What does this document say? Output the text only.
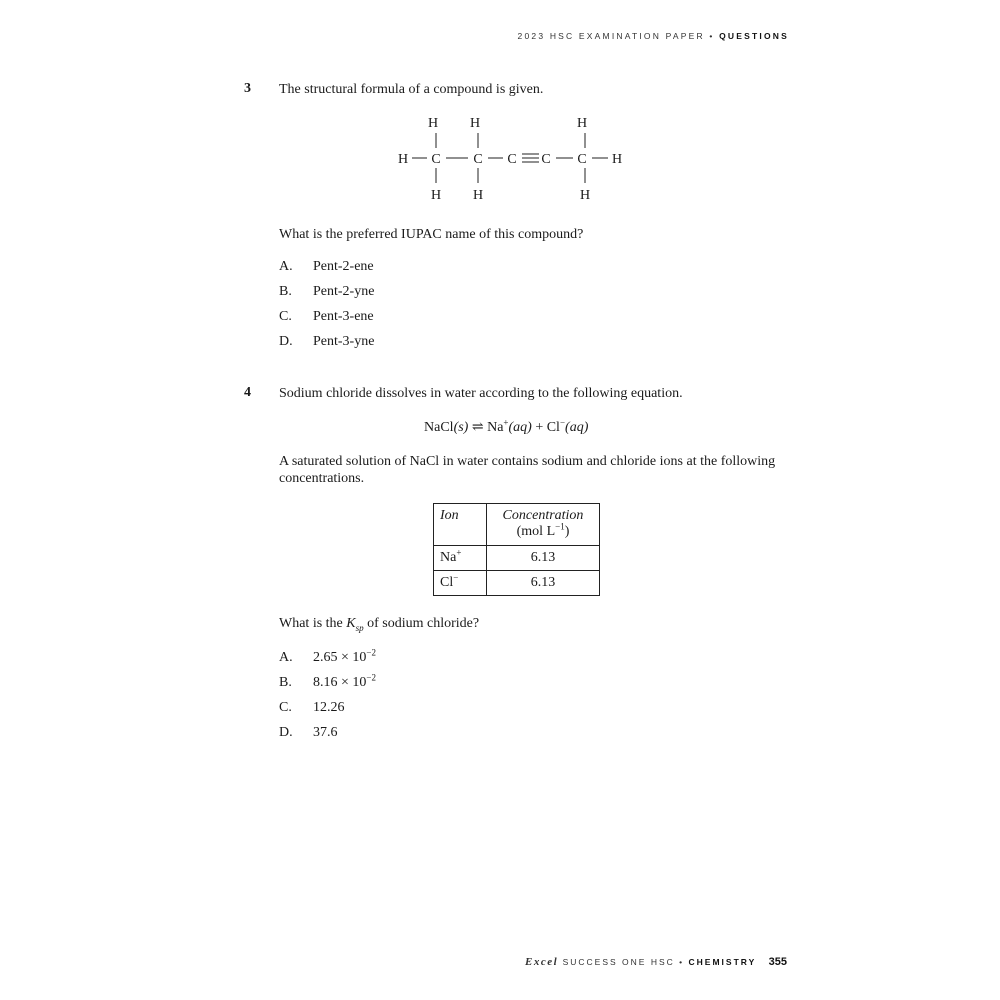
2023 HSC EXAMINATION PAPER • QUESTIONS
3 The structural formula of a compound is given.
H H	H
H C C C C C H
H H	H
What is the preferred IUPAC name of this compound?
A. Pent-2-ene
B. Pent-2-yne
C. Pent-3-ene
D. Pent-3-yne
4 Sodium chloride dissolves in water according to the following equation.
NaCl(s) ⇌ Na+(aq) + Cl−(aq)
A saturated solution of NaCl in water contains sodium and chloride ions at the following
concentrations.
Ion	Concentration
(mol $L^{-1}$)

Na+	6.13
Cl−	6.13
What is the $K_{sp}$ of sodium chloride?
A. $2.65 \times 10^{-2}$
B. $8.16 \times 10^{-2}$
C. 12.26
D. 37.6
Excel SUCCESS ONE HSC • CHEMISTRY 355
